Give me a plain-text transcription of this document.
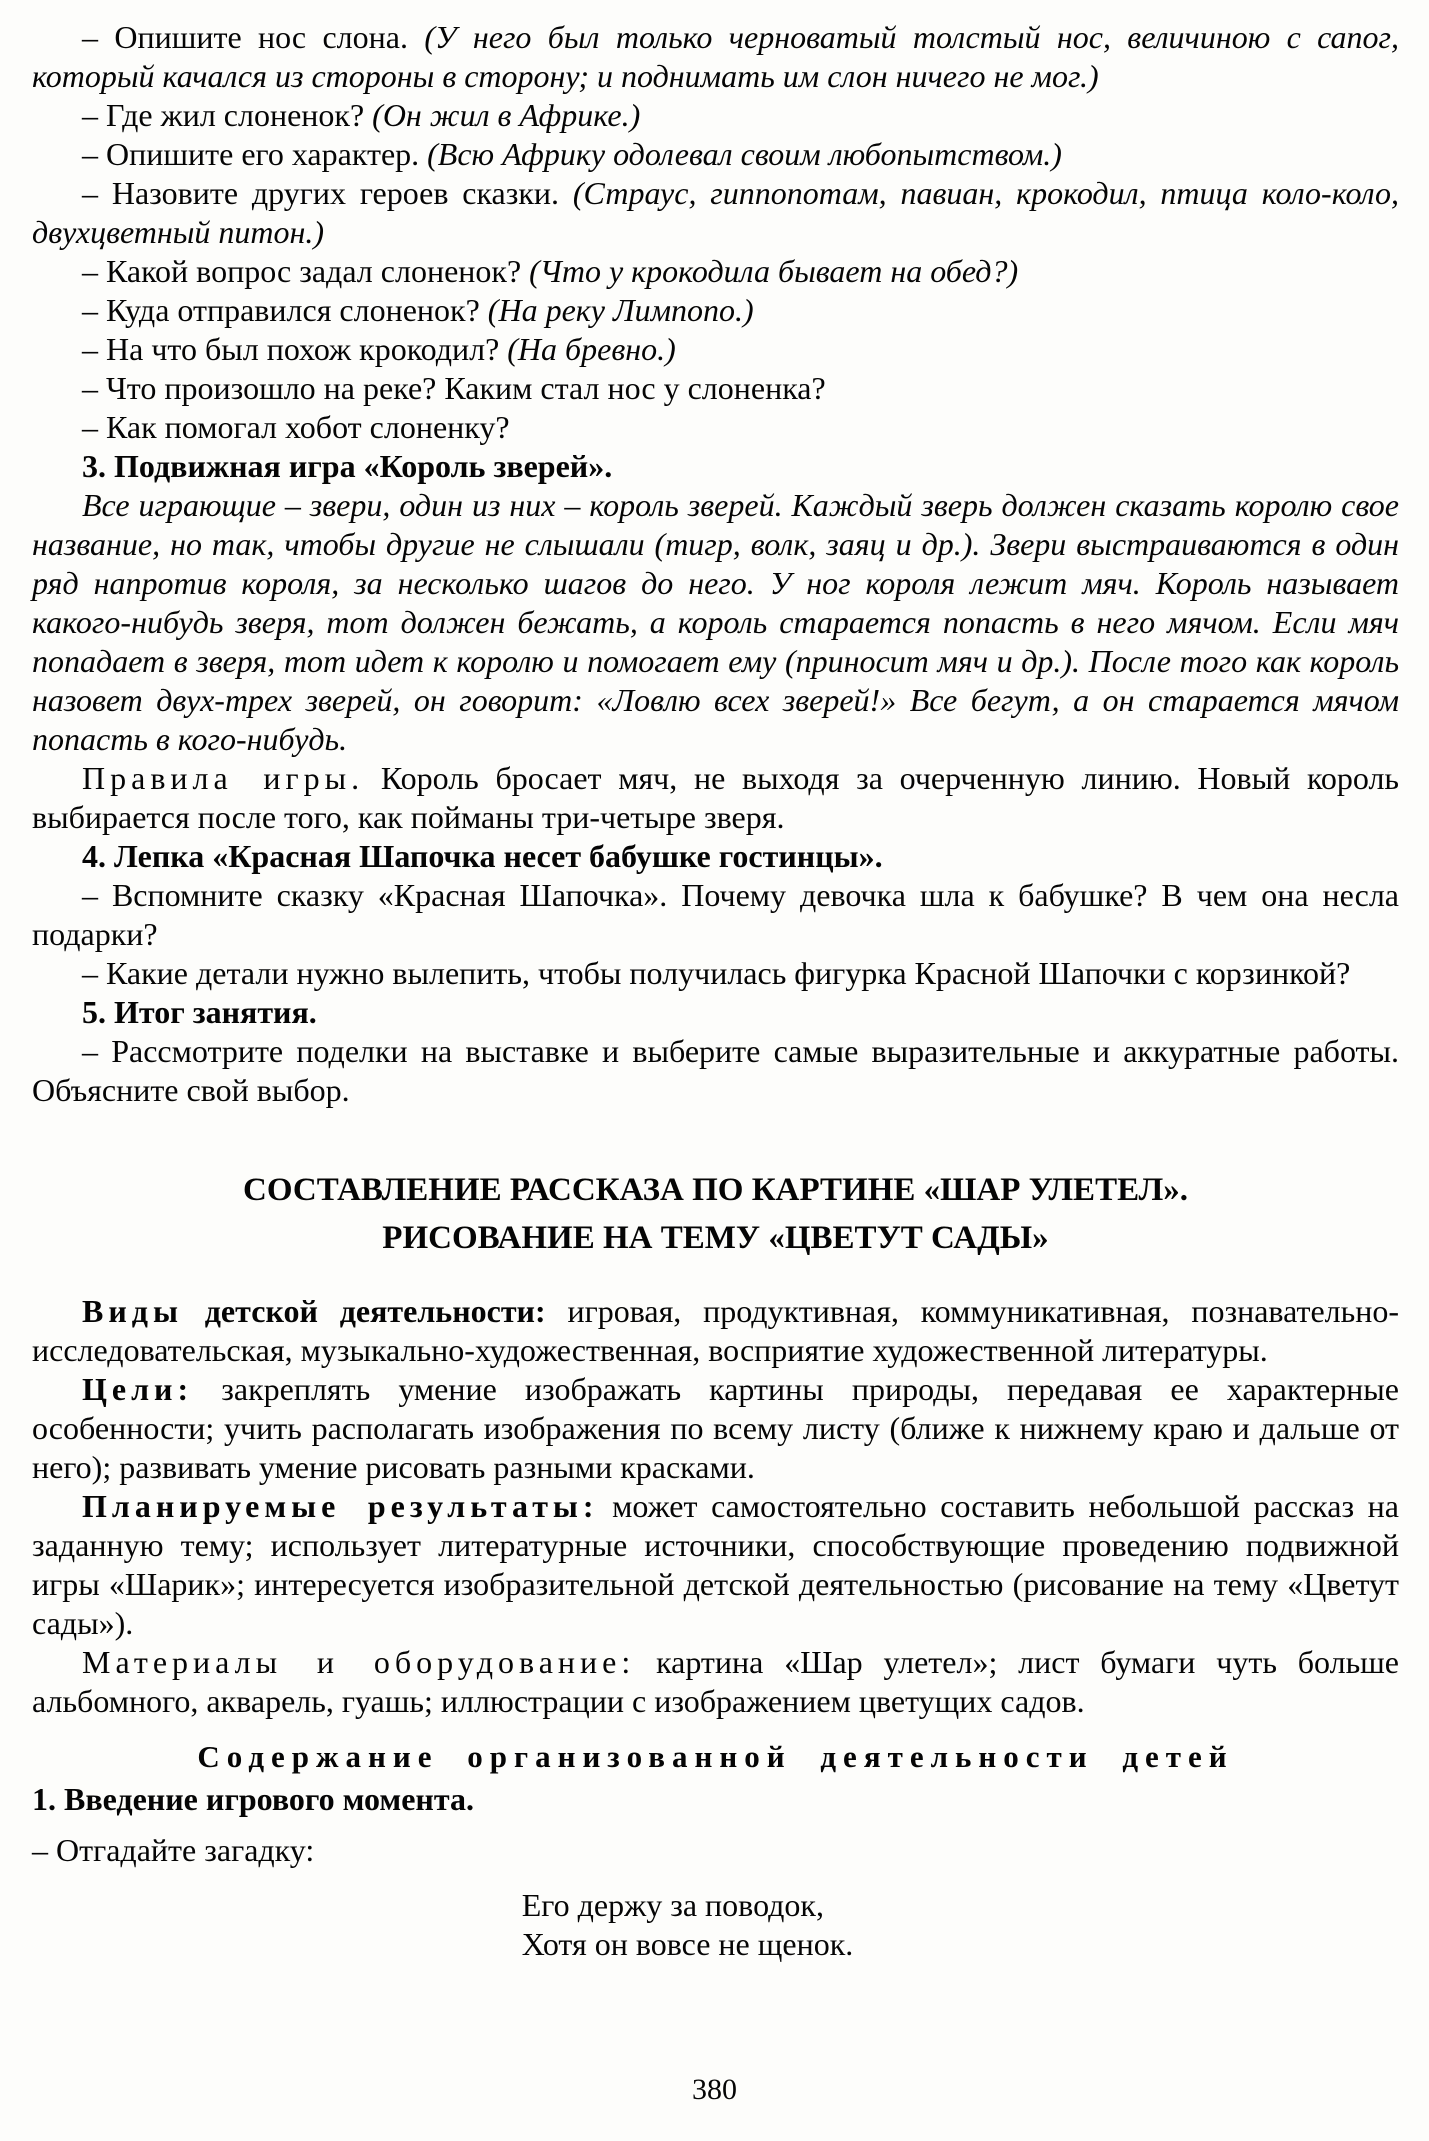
– Опишите нос слона. (У него был только черноватый толстый нос, величиною с сапог, который качался из стороны в сторону; и поднимать им слон ничего не мог.)

– Где жил слоненок? (Он жил в Африке.)

– Опишите его характер. (Всю Африку одолевал своим любопытством.)

– Назовите других героев сказки. (Страус, гиппопотам, павиан, крокодил, птица коло-коло, двухцветный питон.)

– Какой вопрос задал слоненок? (Что у крокодила бывает на обед?)

– Куда отправился слоненок? (На реку Лимпопо.)

– На что был похож крокодил? (На бревно.)

– Что произошло на реке? Каким стал нос у слоненка?

– Как помогал хобот слоненку?

3. Подвижная игра «Король зверей».

Все играющие – звери, один из них – король зверей. Каждый зверь должен сказать королю свое название, но так, чтобы другие не слышали (тигр, волк, заяц и др.). Звери выстраиваются в один ряд напротив короля, за несколько шагов до него. У ног короля лежит мяч. Король называет какого-нибудь зверя, тот должен бежать, а король старается попасть в него мячом. Если мяч попадает в зверя, тот идет к королю и помогает ему (приносит мяч и др.). После того как король назовет двух-трех зверей, он говорит: «Ловлю всех зверей!» Все бегут, а он старается мячом попасть в кого-нибудь.

Правила игры. Король бросает мяч, не выходя за очерченную линию. Новый король выбирается после того, как пойманы три-четыре зверя.

4. Лепка «Красная Шапочка несет бабушке гостинцы».

– Вспомните сказку «Красная Шапочка». Почему девочка шла к бабушке? В чем она несла подарки?

– Какие детали нужно вылепить, чтобы получилась фигурка Красной Шапочки с корзинкой?

5. Итог занятия.

– Рассмотрите поделки на выставке и выберите самые выразительные и аккуратные работы. Объясните свой выбор.

СОСТАВЛЕНИЕ РАССКАЗА ПО КАРТИНЕ «ШАР УЛЕТЕЛ».
РИСОВАНИЕ НА ТЕМУ «ЦВЕТУТ САДЫ»

Виды детской деятельности: игровая, продуктивная, коммуникативная, познавательно-исследовательская, музыкально-художественная, восприятие художественной литературы.

Цели: закреплять умение изображать картины природы, передавая ее характерные особенности; учить располагать изображения по всему листу (ближе к нижнему краю и дальше от него); развивать умение рисовать разными красками.

Планируемые результаты: может самостоятельно составить небольшой рассказ на заданную тему; использует литературные источники, способствующие проведению подвижной игры «Шарик»; интересуется изобразительной детской деятельностью (рисование на тему «Цветут сады»).

Материалы и оборудование: картина «Шар улетел»; лист бумаги чуть больше альбомного, акварель, гуашь; иллюстрации с изображением цветущих садов.

Содержание организованной деятельности детей

1. Введение игрового момента.

– Отгадайте загадку:

Его держу за поводок,
Хотя он вовсе не щенок.
380
